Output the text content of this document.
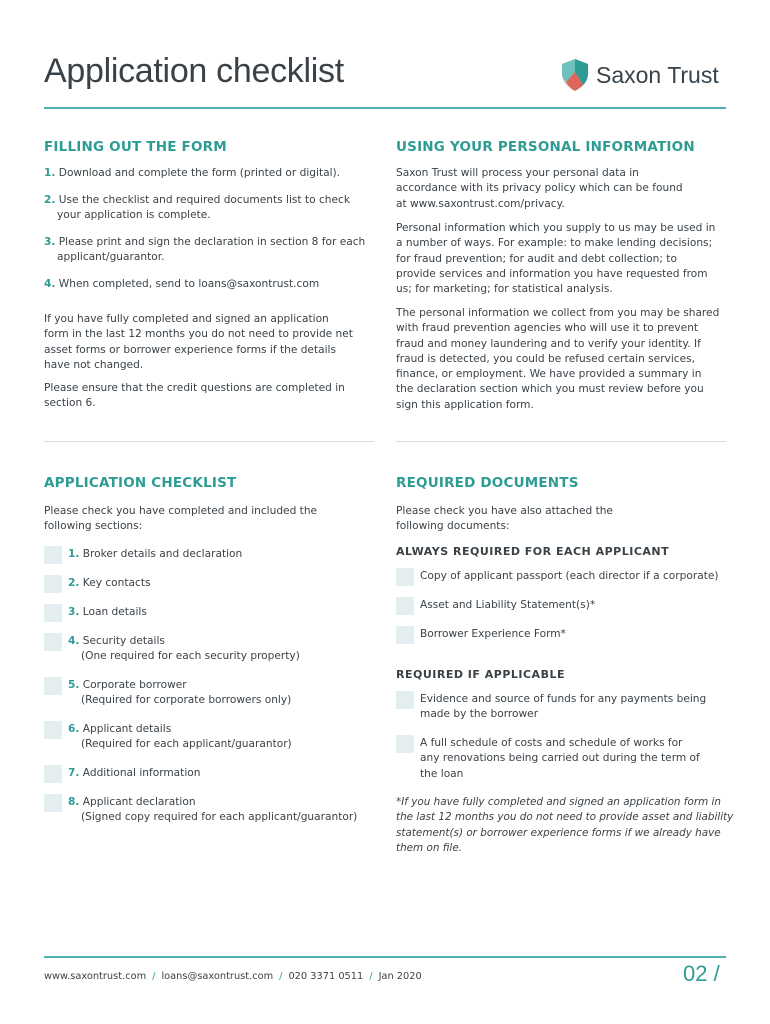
Application checklist	Saxon Trust
FILLING OUT THE FORM
1. Download and complete the form (printed or digital).
2. Use the checklist and required documents list to check
your application is complete.
3. Please print and sign the declaration in section 8 for each
applicant/guarantor.
4. When completed, send to loans@saxontrust.com
If you have fully completed and signed an application
form in the last 12 months you do not need to provide net
asset forms or borrower experience forms if the details
have not changed.
Please ensure that the credit questions are completed in
section 6.
USING YOUR PERSONAL INFORMATION
Saxon Trust will process your personal data in
accordance with its privacy policy which can be found
at www.saxontrust.com/privacy.
Personal information which you supply to us may be used in
a number of ways. For example: to make lending decisions;
for fraud prevention; for audit and debt collection; to
provide services and information you have requested from
us; for marketing; for statistical analysis.
The personal information we collect from you may be shared
with fraud prevention agencies who will use it to prevent
fraud and money laundering and to verify your identity. If
fraud is detected, you could be refused certain services,
finance, or employment. We have provided a summary in
the declaration section which you must review before you
sign this application form.
APPLICATION CHECKLIST
Please check you have completed and included the
following sections:
1. Broker details and declaration
2. Key contacts
3. Loan details
4. Security details
(One required for each security property)
5. Corporate borrower
(Required for corporate borrowers only)
6. Applicant details
(Required for each applicant/guarantor)
7. Additional information
8. Applicant declaration
(Signed copy required for each applicant/guarantor)
REQUIRED DOCUMENTS
Please check you have also attached the
following documents:
ALWAYS REQUIRED FOR EACH APPLICANT
Copy of applicant passport (each director if a corporate)
Asset and Liability Statement(s)*
Borrower Experience Form*
REQUIRED IF APPLICABLE
Evidence and source of funds for any payments being
made by the borrower
A full schedule of costs and schedule of works for
any renovations being carried out during the term of
the loan
*If you have fully completed and signed an application form in
the last 12 months you do not need to provide asset and liability
statement(s) or borrower experience forms if we already have
them on file.
www.saxontrust.com / loans@saxontrust.com / 020 3371 0511 / Jan 2020	02 /
